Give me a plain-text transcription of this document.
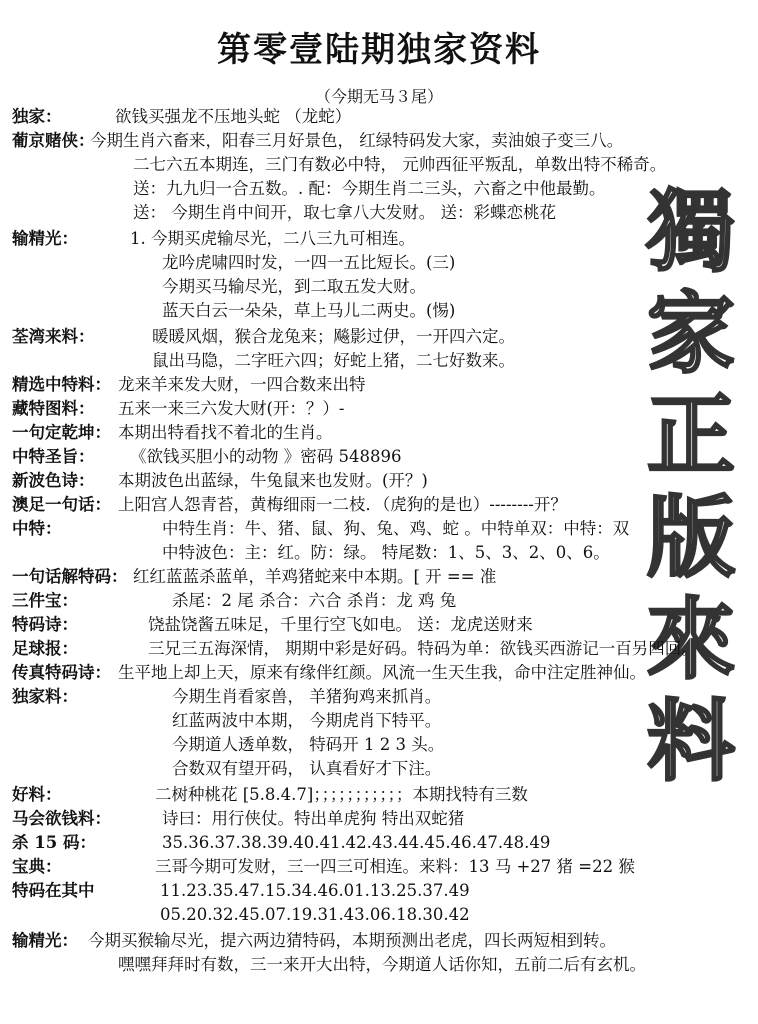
第零壹陆期独家资料
（今期无马３尾）
獨
家
正
版
來
料
独家：	欲钱买强龙不压地头蛇 （龙蛇）
葡京赌侠：
今期生肖六畜来，阳春三月好景色， 红绿特码发大家，卖油娘子变三八。
二七六五本期连，三门有数必中特， 元帅西征平叛乱，单数出特不稀奇。
送：九九归一合五数。. 配：今期生肖二三头，六畜之中他最勤。
送： 今期生肖中间开，取七拿八大发财。 送：彩蝶恋桃花
输精光：	1. 今期买虎输尽光，二八三九可相连。
龙吟虎啸四时发，一四一五比短长。(三)
今期买马输尽光，到二取五发大财。
蓝天白云一朵朵，草上马儿二两史。(惕)
荃湾来料：	暖暖风烟，猴合龙兔来；飚影过伊，一开四六定。
鼠出马隐，二字旺六四；好蛇上猪，二七好数来。
精选中特料： 龙来羊来发大财，一四合数来出特
藏特图料： 五来一来三六发大财(开：？）-
一句定乾坤： 本期出特看找不着北的生肖。
中特圣旨： 《欲钱买胆小的动物 》密码 548896
新波色诗： 本期波色出蓝绿，牛兔鼠来也发财。(开？)
澳足一句话： 上阳宫人怨青苔，黄梅细雨一二枝．（虎狗的是也）--------开？
中特：	中特生肖：牛、猪、鼠、狗、兔、鸡、蛇 。中特单双：中特：双
中特波色：主：红。防：绿。 特尾数：1、5、3、2、0、6。
一句话解特码： 红红蓝蓝杀蓝单，羊鸡猪蛇来中本期。[ 开 == 准
三件宝：	杀尾：2 尾 杀合：六合 杀肖：龙 鸡 兔
特码诗：	饶盐饶酱五味足，千里行空飞如电。 送：龙虎送财来
足球报：	三兄三五海深情， 期期中彩是好码。特码为单：欲钱买西游记一百另四回。
传真特码诗： 生平地上却上天，原来有缘伴红颜。风流一生天生我，命中注定胜神仙。
独家料：	今期生肖看家兽， 羊猪狗鸡来抓肖。
红蓝两波中本期， 今期虎肖下特平。
今期道人透单数， 特码开 1 2 3 头。
合数双有望开码， 认真看好才下注。
好料：	二树种桃花 [5.8.4.7]；；；；；；；；；；；本期找特有三数
马会欲钱料：	诗曰：用行侠仗。特出单虎狗 特出双蛇猪
杀 15 码：	35.36.37.38.39.40.41.42.43.44.45.46.47.48.49
宝典：	三哥今期可发财，三一四三可相连。来料：13 马 +27 猪 =22 猴
特码在其中	11.23.35.47.15.34.46.01.13.25.37.49
05.20.32.45.07.19.31.43.06.18.30.42
输精光： 今期买猴输尽光，提六两边猜特码，本期预测出老虎，四长两短相到转。
嘿嘿拜拜时有数，三一来开大出特，今期道人话你知，五前二后有玄机。
